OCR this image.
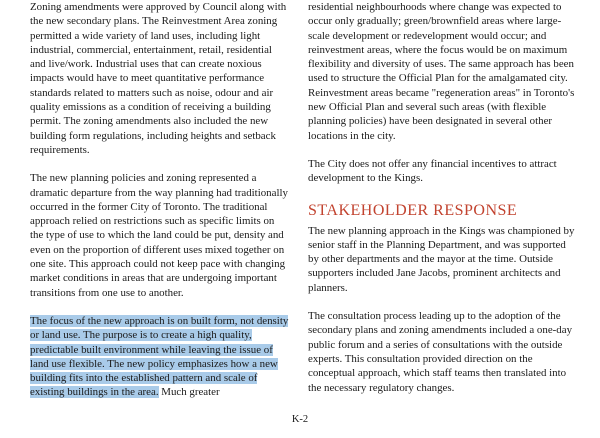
Zoning amendments were approved by Council along with the new secondary plans. The Reinvestment Area zoning permitted a wide variety of land uses, including light industrial, commercial, entertainment, retail, residential and live/work. Industrial uses that can create noxious impacts would have to meet quantitative performance standards related to matters such as noise, odour and air quality emissions as a condition of receiving a building permit. The zoning amendments also included the new building form regulations, including heights and setback requirements.

The new planning policies and zoning represented a dramatic departure from the way planning had traditionally occurred in the former City of Toronto. The traditional approach relied on restrictions such as specific limits on the type of use to which the land could be put, density and even on the proportion of different uses mixed together on one site. This approach could not keep pace with changing market conditions in areas that are undergoing important transitions from one use to another.

The focus of the new approach is on built form, not density or land use. The purpose is to create a high quality, predictable built environment while leaving the issue of land use flexible. The new policy emphasizes how a new building fits into the established pattern and scale of existing buildings in the area. Much greater

residential neighbourhoods where change was expected to occur only gradually; green/brownfield areas where large-scale development or redevelopment would occur; and reinvestment areas, where the focus would be on maximum flexibility and diversity of uses. The same approach has been used to structure the Official Plan for the amalgamated city. Reinvestment areas became "regeneration areas" in Toronto's new Official Plan and several such areas (with flexible planning policies) have been designated in several other locations in the city.

The City does not offer any financial incentives to attract development to the Kings.

STAKEHOLDER RESPONSE

The new planning approach in the Kings was championed by senior staff in the Planning Department, and was supported by other departments and the mayor at the time. Outside supporters included Jane Jacobs, prominent architects and planners.

The consultation process leading up to the adoption of the secondary plans and zoning amendments included a one-day public forum and a series of consultations with the outside experts. This consultation provided direction on the conceptual approach, which staff teams then translated into the necessary regulatory changes.

K-2
